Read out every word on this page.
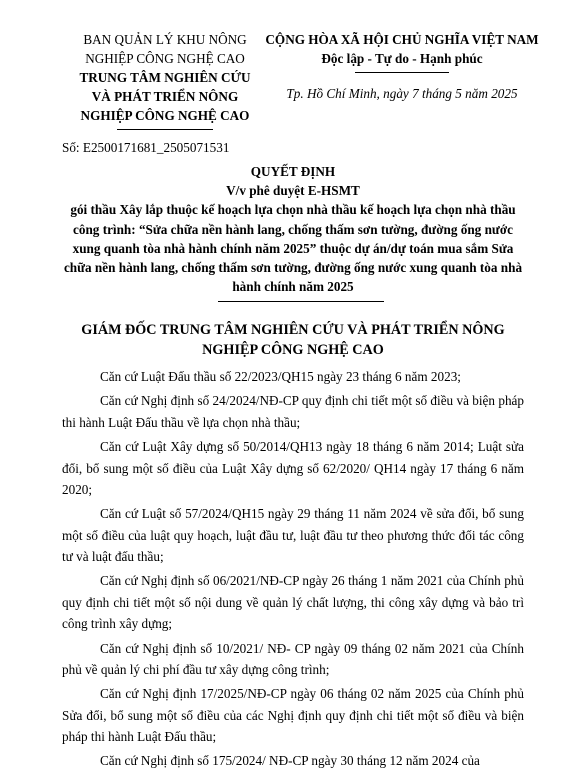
BAN QUẢN LÝ KHU NÔNG
NGHIỆP CÔNG NGHỆ CAO
TRUNG TÂM NGHIÊN CỨU
VÀ PHÁT TRIỂN NÔNG
NGHIỆP CÔNG NGHỆ CAO
CỘNG HÒA XÃ HỘI CHỦ NGHĨA VIỆT NAM
Độc lập - Tự do - Hạnh phúc
Tp. Hồ Chí Minh, ngày 7 tháng 5 năm 2025
Số: E2500171681_2505071531
QUYẾT ĐỊNH
V/v phê duyệt E-HSMT
gói thầu Xây lắp thuộc kế hoạch lựa chọn nhà thầu kế hoạch lựa chọn nhà thầu công trình: “Sửa chữa nền hành lang, chống thấm sơn tường, đường ống nước xung quanh tòa nhà hành chính năm 2025” thuộc dự án/dự toán mua sắm Sửa chữa nền hành lang, chống thấm sơn tường, đường ống nước xung quanh tòa nhà hành chính năm 2025
GIÁM ĐỐC TRUNG TÂM NGHIÊN CỨU VÀ PHÁT TRIỂN NÔNG NGHIỆP CÔNG NGHỆ CAO

Căn cứ Luật Đấu thầu số 22/2023/QH15 ngày 23 tháng 6 năm 2023;

Căn cứ Nghị định số 24/2024/NĐ-CP quy định chi tiết một số điều và biện pháp thi hành Luật Đấu thầu về lựa chọn nhà thầu;

Căn cứ Luật Xây dựng số 50/2014/QH13 ngày 18 tháng 6 năm 2014; Luật sửa đổi, bổ sung một số điều của Luật Xây dựng số 62/2020/ QH14 ngày 17 tháng 6 năm 2020;

Căn cứ Luật số 57/2024/QH15 ngày 29 tháng 11 năm 2024 về sửa đổi, bổ sung một số điều của luật quy hoạch, luật đầu tư, luật đầu tư theo phương thức đối tác công tư và luật đấu thầu;

Căn cứ Nghị định số 06/2021/NĐ-CP ngày 26 tháng 1 năm 2021 của Chính phủ quy định chi tiết một số nội dung về quản lý chất lượng, thi công xây dựng và bảo trì công trình xây dựng;

Căn cứ Nghị định số 10/2021/ NĐ- CP ngày 09 tháng 02 năm 2021 của Chính phủ về quản lý chi phí đầu tư xây dựng công trình;

Căn cứ Nghị định 17/2025/NĐ-CP ngày 06 tháng 02 năm 2025 của Chính phủ Sửa đổi, bổ sung một số điều của các Nghị định quy định chi tiết một số điều và biện pháp thi hành Luật Đấu thầu;

Căn cứ Nghị định số 175/2024/ NĐ-CP ngày 30 tháng 12 năm 2024 của
